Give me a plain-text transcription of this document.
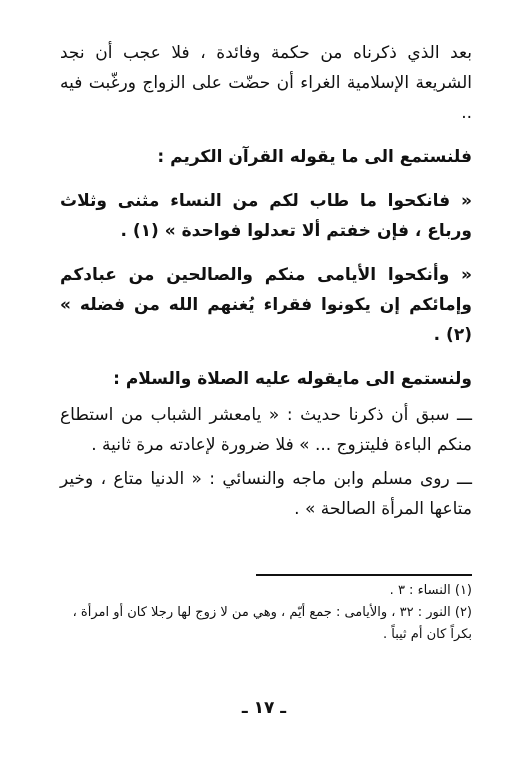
بعد الذي ذكرناه من حكمة وفائدة ، فلا عجب أن نجد الشريعة الإسلامية الغراء أن حضّت على الزواج ورغّبت فيه ..

فلنستمع الى ما يقوله القرآن الكريم :

« فانكحوا ما طاب لكم من النساء مثنى وثلاث ورباع ، فإن خفتم ألا تعدلوا فواحدة » (١) .

« وأنكحوا الأيامى منكم والصالحين من عبادكم وإمائكم إن يكونوا فقراء يُغنهم الله من فضله » (٢) .

ولنستمع الى مايقوله عليه الصلاة والسلام :

ـــ سبق أن ذكرنا حديث : « يامعشر الشباب من استطاع منكم الباءة فليتزوج ... » فلا ضرورة لإعادته مرة ثانية .

ـــ روى مسلم وابن ماجه والنسائي : « الدنيا متاع ، وخير متاعها المرأة الصالحة » .

(١) النساء : ٣ .

(٢) النور : ٣٢ ، والأيامى : جمع أيّم ، وهي من لا زوج لها رجلا كان أو امرأة ، بكراً كان أم ثيباً .

ـ ١٧ ـ
